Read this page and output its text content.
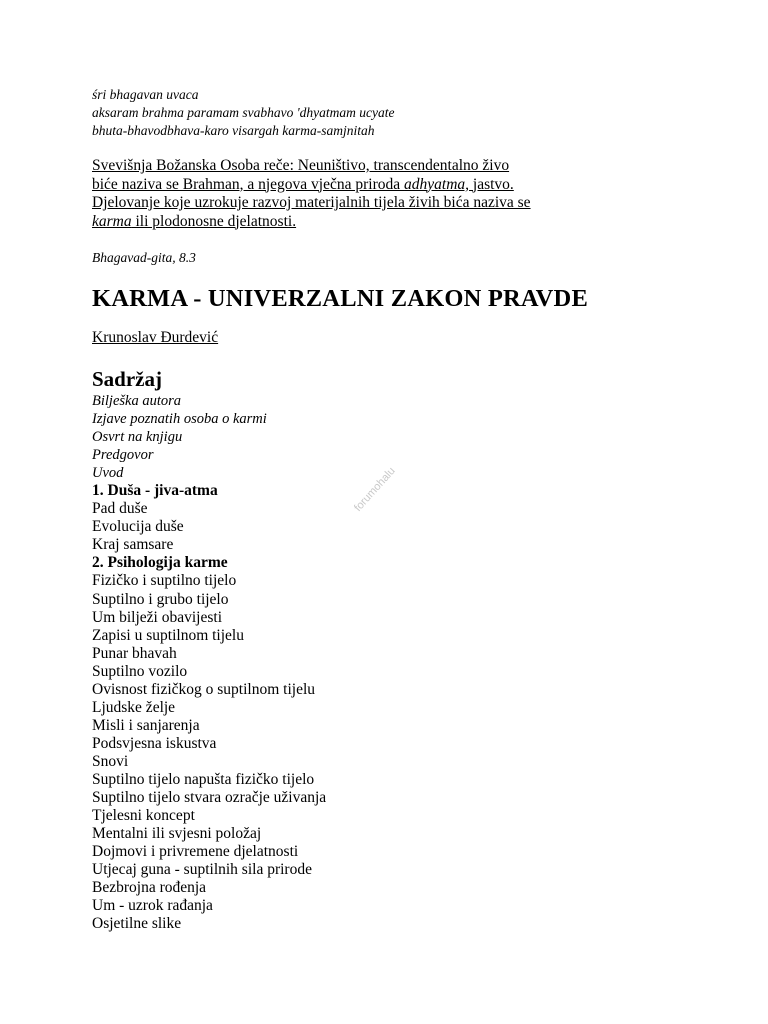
śri bhagavan uvaca
aksaram brahma paramam svabhavo 'dhyatmam ucyate
bhuta-bhavodbhava-karo visargah karma-samjnitah

Svevišnja Božanska Osoba reče: Neuništivo, transcendentalno živo

biće naziva se Brahman, a njegova vječna priroda adhyatma, jastvo.

Djelovanje koje uzrokuje razvoj materijalnih tijela živih bića naziva se

karma ili plodonosne djelatnosti.

Bhagavad-gita, 8.3
KARMA - UNIVERZALNI ZAKON PRAVDE
Krunoslav Đurdević
Sadržaj
Bilješka autora
Izjave poznatih osoba o karmi
Osvrt na knjigu
Predgovor
Uvod
1. Duša - jiva-atma
Pad duše
Evolucija duše
Kraj samsare
2. Psihologija karme
Fizičko i suptilno tijelo
Suptilno i grubo tijelo
Um bilježi obavijesti
Zapisi u suptilnom tijelu
Punar bhavah
Suptilno vozilo
Ovisnost fizičkog o suptilnom tijelu
Ljudske želje
Misli i sanjarenja
Podsvjesna iskustva
Snovi
Suptilno tijelo napušta fizičko tijelo
Suptilno tijelo stvara ozračje uživanja
Tjelesni koncept
Mentalni ili svjesni položaj
Dojmovi i privremene djelatnosti
Utjecaj guna - suptilnih sila prirode
Bezbrojna rođenja
Um - uzrok rađanja
Osjetilne slike
forumohalu
